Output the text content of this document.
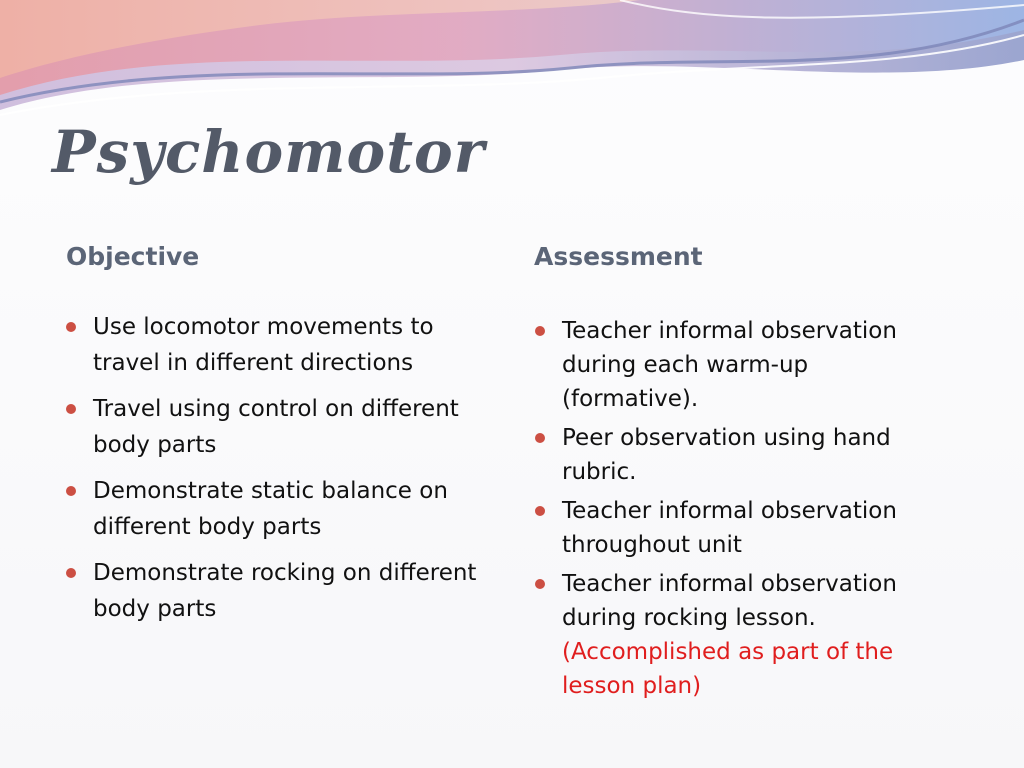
Psychomotor
Objective	Assessment
Use locomotor movements to travel in different directions
Travel using control on different body parts
Demonstrate static balance on different body parts
Demonstrate rocking on different body parts
Teacher informal observation during each warm-up (formative).
Peer observation using hand rubric.
Teacher informal observation throughout unit
Teacher informal observation during rocking lesson. (Accomplished as part of the lesson plan)
